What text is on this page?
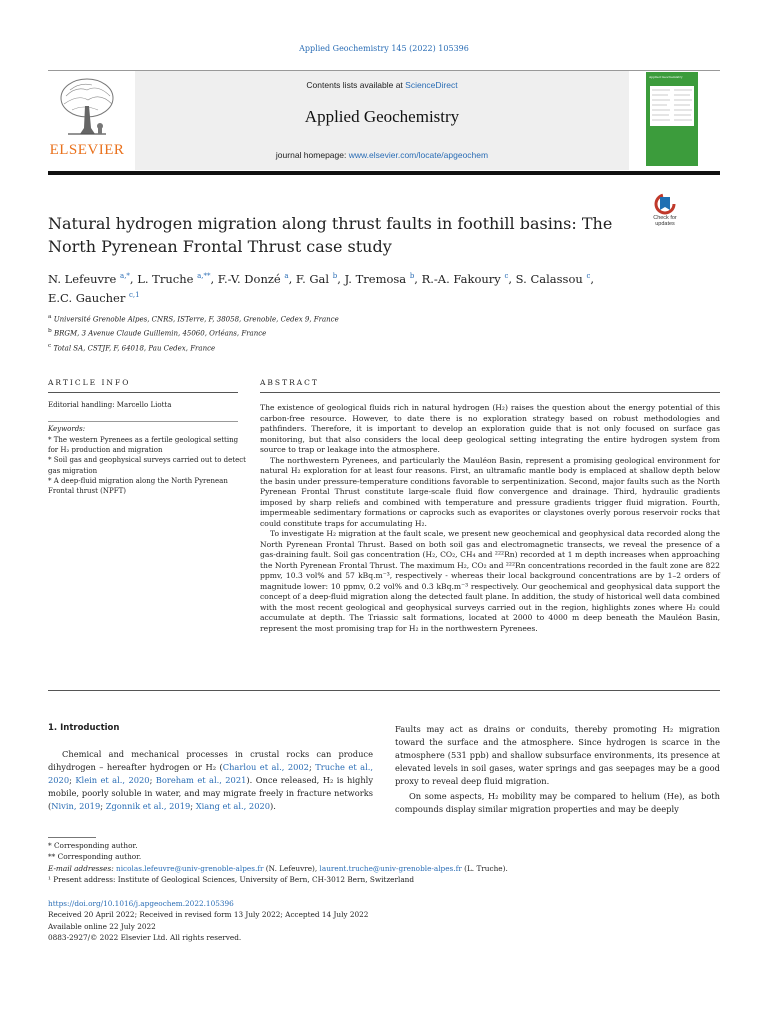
Applied Geochemistry 145 (2022) 105396
ELSEVIER
Contents lists available at ScienceDirect
Applied Geochemistry
journal homepage: www.elsevier.com/locate/apgeochem
Applied Geochemistry
Natural hydrogen migration along thrust faults in foothill basins: The North Pyrenean Frontal Thrust case study
Check for updates
N. Lefeuvre $^{a,*}$, L. Truche $^{a,**}$, F.-V. Donzé $^a$, F. Gal $^b$, J. Tremosa $^b$, R.-A. Fakoury $^c$, S. Calassou $^c$,
E.C. Gaucher $^{c,1}$
$^a$ Université Grenoble Alpes, CNRS, ISTerre, F, 38058, Grenoble, Cedex 9, France
$^b$ BRGM, 3 Avenue Claude Guillemin, 45060, Orléans, France
$^c$ Total SA, CSTJF, F, 64018, Pau Cedex, France
ARTICLE INFO	ABSTRACT
Editorial handling: Marcello Liotta
Keywords:
* The western Pyrenees as a fertile geological setting for H₂ production and migration
* Soil gas and geophysical surveys carried out to detect gas migration
* A deep-fluid migration along the North Pyrenean Frontal thrust (NPFT)

The existence of geological fluids rich in natural hydrogen (H₂) raises the question about the energy potential of this carbon-free resource. However, to date there is no exploration strategy based on robust methodologies and pathfinders. Therefore, it is important to develop an exploration guide that is not only focused on surface gas monitoring, but that also considers the local deep geological setting integrating the entire hydrogen system from source to trap or leakage into the atmosphere.

The northwestern Pyrenees, and particularly the Mauléon Basin, represent a promising geological environment for natural H₂ exploration for at least four reasons. First, an ultramafic mantle body is emplaced at shallow depth below the basin under pressure-temperature conditions favorable to serpentinization. Second, major faults such as the North Pyrenean Frontal Thrust constitute large-scale fluid flow convergence and drainage. Third, hydraulic gradients imposed by sharp reliefs and combined with temperature and pressure gradients trigger fluid migration. Fourth, impermeable sedimentary formations or caprocks such as evaporites or claystones overly porous reservoir rocks that could constitute traps for accumulating H₂.

To investigate H₂ migration at the fault scale, we present new geochemical and geophysical data recorded along the North Pyrenean Frontal Thrust. Based on both soil gas and electromagnetic transects, we reveal the presence of a gas-draining fault. Soil gas concentration (H₂, CO₂, CH₄ and ²²²Rn) recorded at 1 m depth increases when approaching the North Pyrenean Frontal Thrust. The maximum H₂, CO₂ and ²²²Rn concentrations recorded in the fault zone are 822 ppmv, 10.3 vol% and 57 kBq.m⁻³, respectively - whereas their local background concentrations are by 1–2 orders of magnitude lower: 10 ppmv, 0.2 vol% and 0.3 kBq.m⁻³ respectively. Our geochemical and geophysical data support the concept of a deep-fluid migration along the detected fault plane. In addition, the study of historical well data combined with the most recent geological and geophysical surveys carried out in the region, highlights zones where H₂ could accumulate at depth. The Triassic salt formations, located at 2000 to 4000 m deep beneath the Mauléon Basin, represent the most promising trap for H₂ in the northwestern Pyrenees.

1. Introduction
Chemical and mechanical processes in crustal rocks can produce dihydrogen – hereafter hydrogen or H₂ (Charlou et al., 2002; Truche et al., 2020; Klein et al., 2020; Boreham et al., 2021). Once released, H₂ is highly mobile, poorly soluble in water, and may migrate freely in fracture networks (Nivin, 2019; Zgonnik et al., 2019; Xiang et al., 2020).

Faults may act as drains or conduits, thereby promoting H₂ migration toward the surface and the atmosphere. Since hydrogen is scarce in the atmosphere (531 ppb) and shallow subsurface environments, its presence at elevated levels in soil gases, water springs and gas seepages may be a good proxy to reveal deep fluid migration.

On some aspects, H₂ mobility may be compared to helium (He), as both compounds display similar migration properties and may be deeply

* Corresponding author.
** Corresponding author.
E-mail addresses: nicolas.lefeuvre@univ-grenoble-alpes.fr (N. Lefeuvre), laurent.truche@univ-grenoble-alpes.fr (L. Truche).
¹ Present address: Institute of Geological Sciences, University of Bern, CH-3012 Bern, Switzerland
https://doi.org/10.1016/j.apgeochem.2022.105396
Received 20 April 2022; Received in revised form 13 July 2022; Accepted 14 July 2022
Available online 22 July 2022
0883-2927/© 2022 Elsevier Ltd. All rights reserved.
